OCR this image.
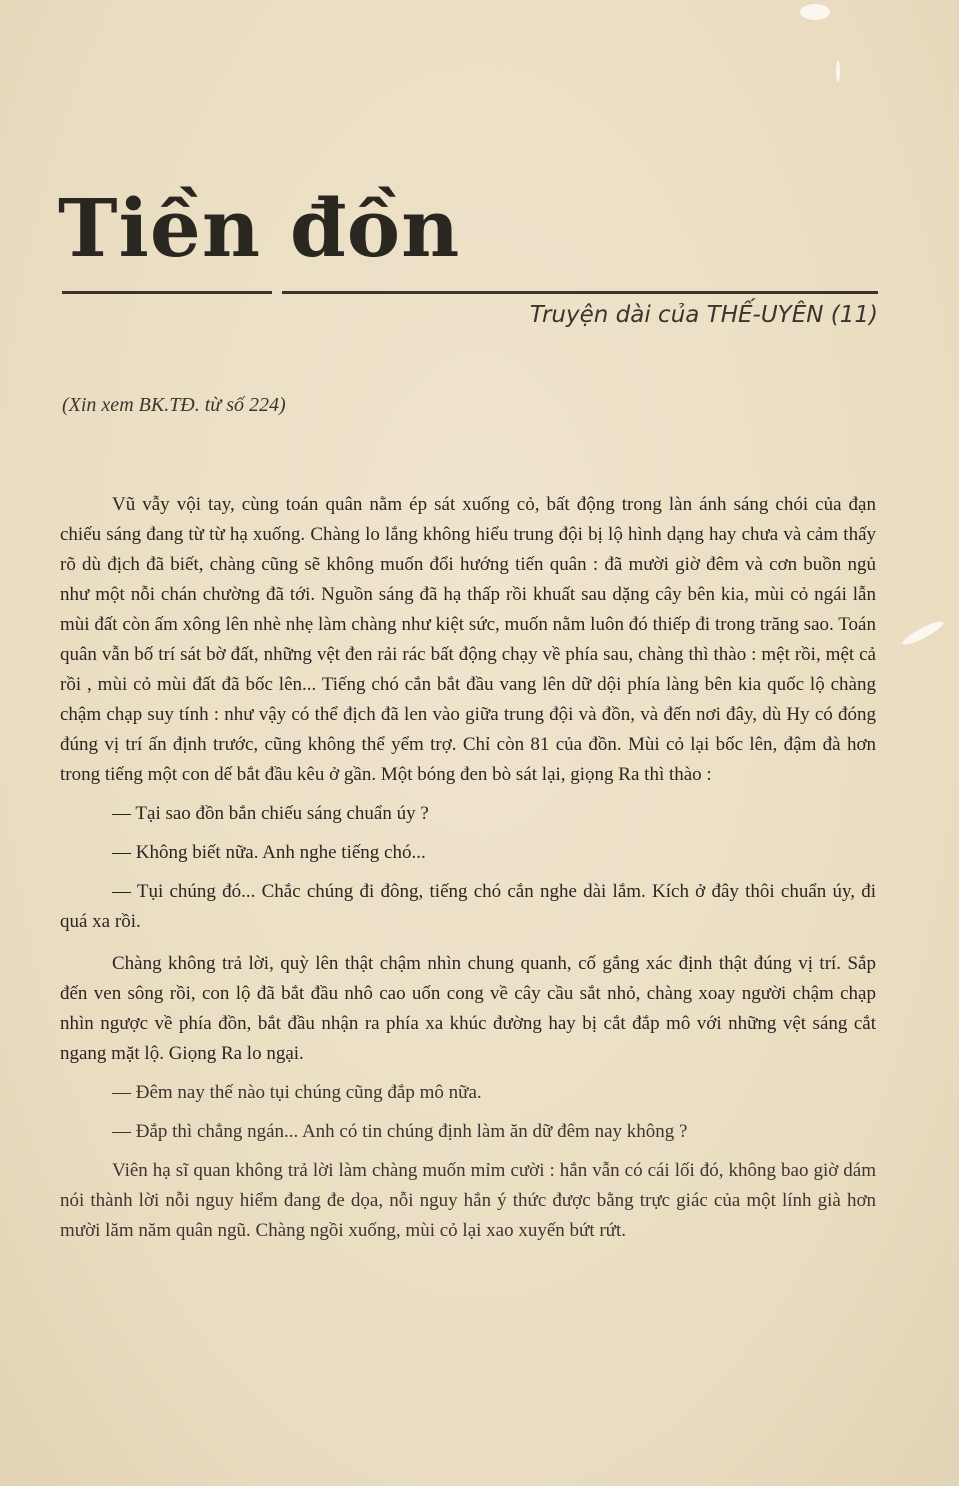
Tiền đồn
Truyện dài của THẾ-UYÊN (11)
(Xin xem BK.TĐ. từ số 224)

Vũ vẫy vội tay, cùng toán quân nằm ép sát xuống cỏ, bất động trong làn ánh sáng chói của đạn chiếu sáng đang từ từ hạ xuống. Chàng lo lắng không hiểu trung đội bị lộ hình dạng hay chưa và cảm thấy rõ dù địch đã biết, chàng cũng sẽ không muốn đổi hướng tiến quân : đã mười giờ đêm và cơn buồn ngủ như một nỗi chán chường đã tới. Nguồn sáng đã hạ thấp rồi khuất sau dặng cây bên kia, mùi cỏ ngái lẫn mùi đất còn ấm xông lên nhè nhẹ làm chàng như kiệt sức, muốn nằm luôn đó thiếp đi trong trăng sao. Toán quân vẫn bố trí sát bờ đất, những vệt đen rải rác bất động chạy về phía sau, chàng thì thào : mệt rồi, mệt cả rồi , mùi cỏ mùi đất đã bốc lên... Tiếng chó cắn bắt đầu vang lên dữ dội phía làng bên kia quốc lộ chàng chậm chạp suy tính : như vậy có thể địch đã len vào giữa trung đội và đồn, và đến nơi đây, dù Hy có đóng đúng vị trí ấn định trước, cũng không thể yểm trợ. Chỉ còn 81 của đồn. Mùi cỏ lại bốc lên, đậm đà hơn trong tiếng một con dế bắt đầu kêu ở gần. Một bóng đen bò sát lại, giọng Ra thì thào :

— Tại sao đồn bắn chiếu sáng chuẩn úy ?

— Không biết nữa. Anh nghe tiếng chó...

— Tụi chúng đó... Chắc chúng đi đông, tiếng chó cắn nghe dài lắm. Kích ở đây thôi chuẩn úy, đi quá xa rồi.

Chàng không trả lời, quỳ lên thật chậm nhìn chung quanh, cố gắng xác định thật đúng vị trí. Sắp đến ven sông rồi, con lộ đã bắt đầu nhô cao uốn cong về cây cầu sắt nhỏ, chàng xoay người chậm chạp nhìn ngược về phía đồn, bắt đầu nhận ra phía xa khúc đường hay bị cắt đắp mô với những vệt sáng cắt ngang mặt lộ. Giọng Ra lo ngại.

— Đêm nay thế nào tụi chúng cũng đắp mô nữa.

— Đắp thì chẳng ngán... Anh có tin chúng định làm ăn dữ đêm nay không ?

Viên hạ sĩ quan không trả lời làm chàng muốn mỉm cười : hắn vẫn có cái lối đó, không bao giờ dám nói thành lời nỗi nguy hiểm đang đe dọa, nỗi nguy hắn ý thức được bằng trực giác của một lính già hơn mười lăm năm quân ngũ. Chàng ngồi xuống, mùi cỏ lại xao xuyến bứt rứt.
